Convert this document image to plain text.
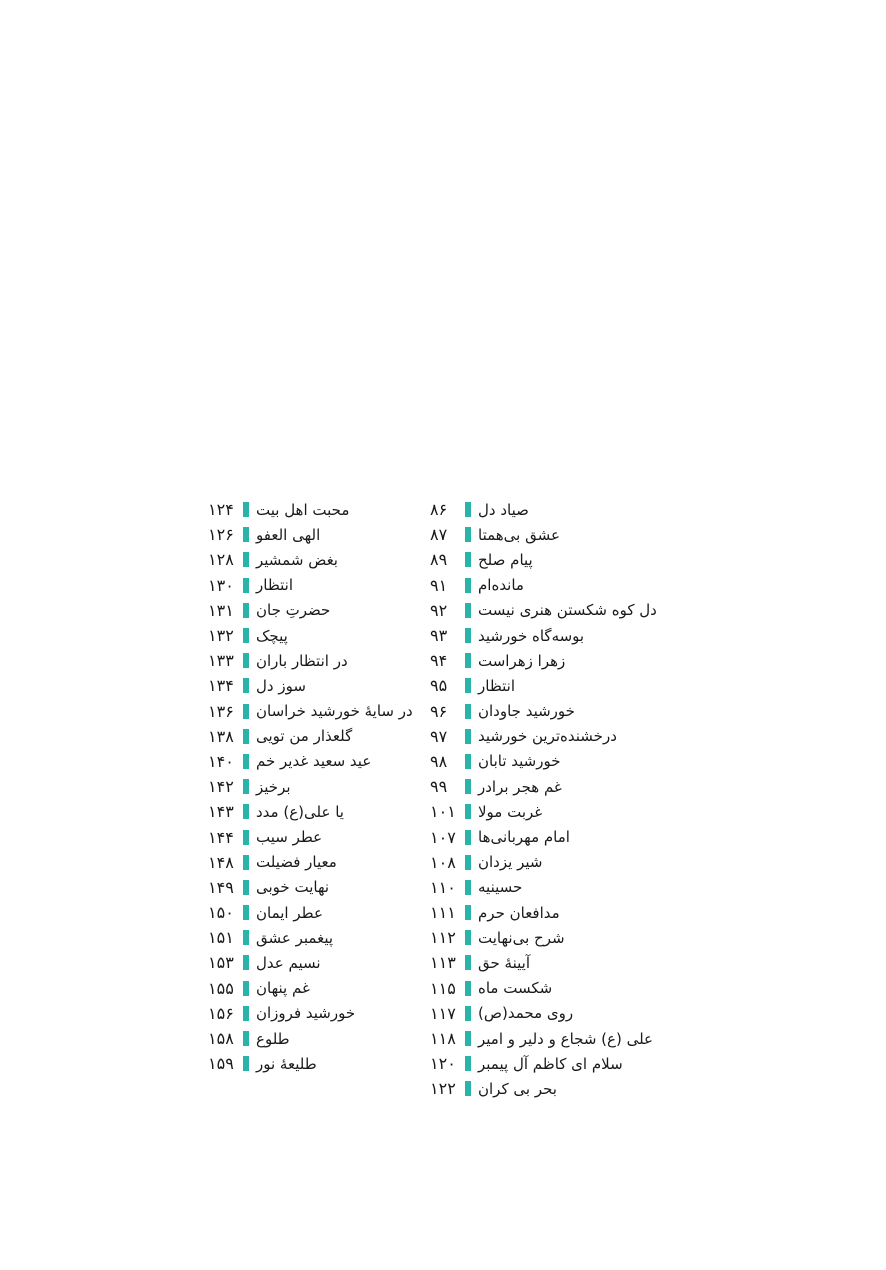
۸۶	صیاد دل
۸۷	عشق بی‌همتا
۸۹	پیام صلح
۹۱	مانده‌ام
۹۲	دل کوه شکستن هنری نیست
۹۳	بوسه‌گاه خورشید
۹۴	زهرا زهراست
۹۵	انتظار
۹۶	خورشید جاودان
۹۷	درخشنده‌ترین خورشید
۹۸	خورشید تابان
۹۹	غم هجر برادر
۱۰۱	غربت مولا
۱۰۷	امام مهربانی‌ها
۱۰۸	شیر یزدان
۱۱۰	حسینیه
۱۱۱	مدافعان حرم
۱۱۲	شرح بی‌نهایت
۱۱۳	آیینهٔ حق
۱۱۵	شکست ماه
۱۱۷	روی محمد(ص)
۱۱۸	علی (ع) شجاع و دلیر و امیر
۱۲۰	سلام ای کاظم آل پیمبر
۱۲۲	بحر بی کران
۱۲۴	محبت اهل بیت
۱۲۶	الهی العفو
۱۲۸	بغض شمشیر
۱۳۰	انتظار
۱۳۱	حضرتِ جان
۱۳۲	پیچک
۱۳۳	در انتظار باران
۱۳۴	سوز دل
۱۳۶	در سایهٔ خورشید خراسان
۱۳۸	گلعذار من تویی
۱۴۰	عید سعید غدیر خم
۱۴۲	برخیز
۱۴۳	یا علی(ع) مدد
۱۴۴	عطر سیب
۱۴۸	معیار فضیلت
۱۴۹	نهایت خوبی
۱۵۰	عطر ایمان
۱۵۱	پیغمبر عشق
۱۵۳	نسیم عدل
۱۵۵	غم پنهان
۱۵۶	خورشید فروزان
۱۵۸	طلوع
۱۵۹	طلیعهٔ نور
